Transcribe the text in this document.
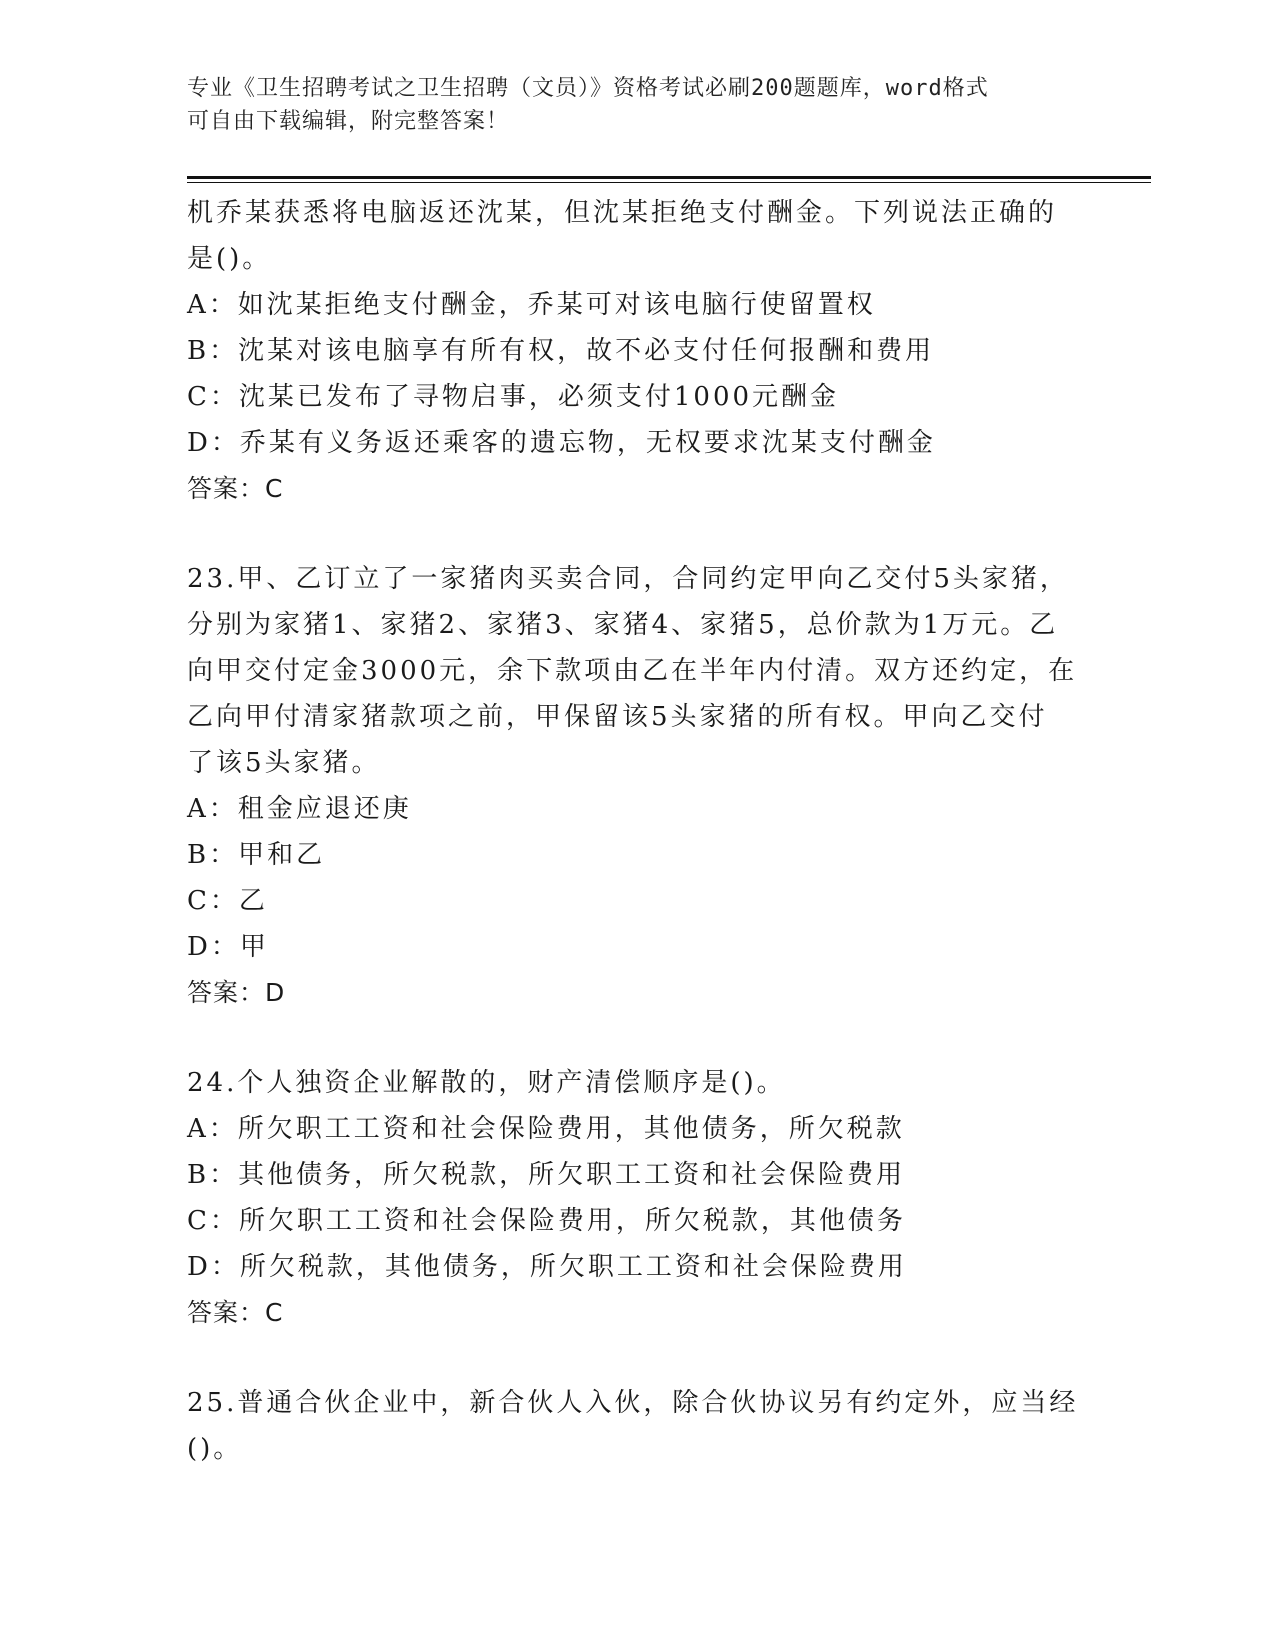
专业《卫生招聘考试之卫生招聘（文员）》资格考试必刷200题题库，word格式
可自由下载编辑，附完整答案！
机乔某获悉将电脑返还沈某，但沈某拒绝支付酬金。下列说法正确的
是()。
A：如沈某拒绝支付酬金，乔某可对该电脑行使留置权
B：沈某对该电脑享有所有权，故不必支付任何报酬和费用
C：沈某已发布了寻物启事，必须支付1000元酬金
D：乔某有义务返还乘客的遗忘物，无权要求沈某支付酬金
答案：C
23.甲、乙订立了一家猪肉买卖合同，合同约定甲向乙交付5头家猪，
分别为家猪1、家猪2、家猪3、家猪4、家猪5，总价款为1万元。乙
向甲交付定金3000元，余下款项由乙在半年内付清。双方还约定，在
乙向甲付清家猪款项之前，甲保留该5头家猪的所有权。甲向乙交付
了该5头家猪。
A：租金应退还庚
B：甲和乙
C：乙
D：甲
答案：D
24.个人独资企业解散的，财产清偿顺序是()。
A：所欠职工工资和社会保险费用，其他债务，所欠税款
B：其他债务，所欠税款，所欠职工工资和社会保险费用
C：所欠职工工资和社会保险费用，所欠税款，其他债务
D：所欠税款，其他债务，所欠职工工资和社会保险费用
答案：C
25.普通合伙企业中，新合伙人入伙，除合伙协议另有约定外，应当经
()。
